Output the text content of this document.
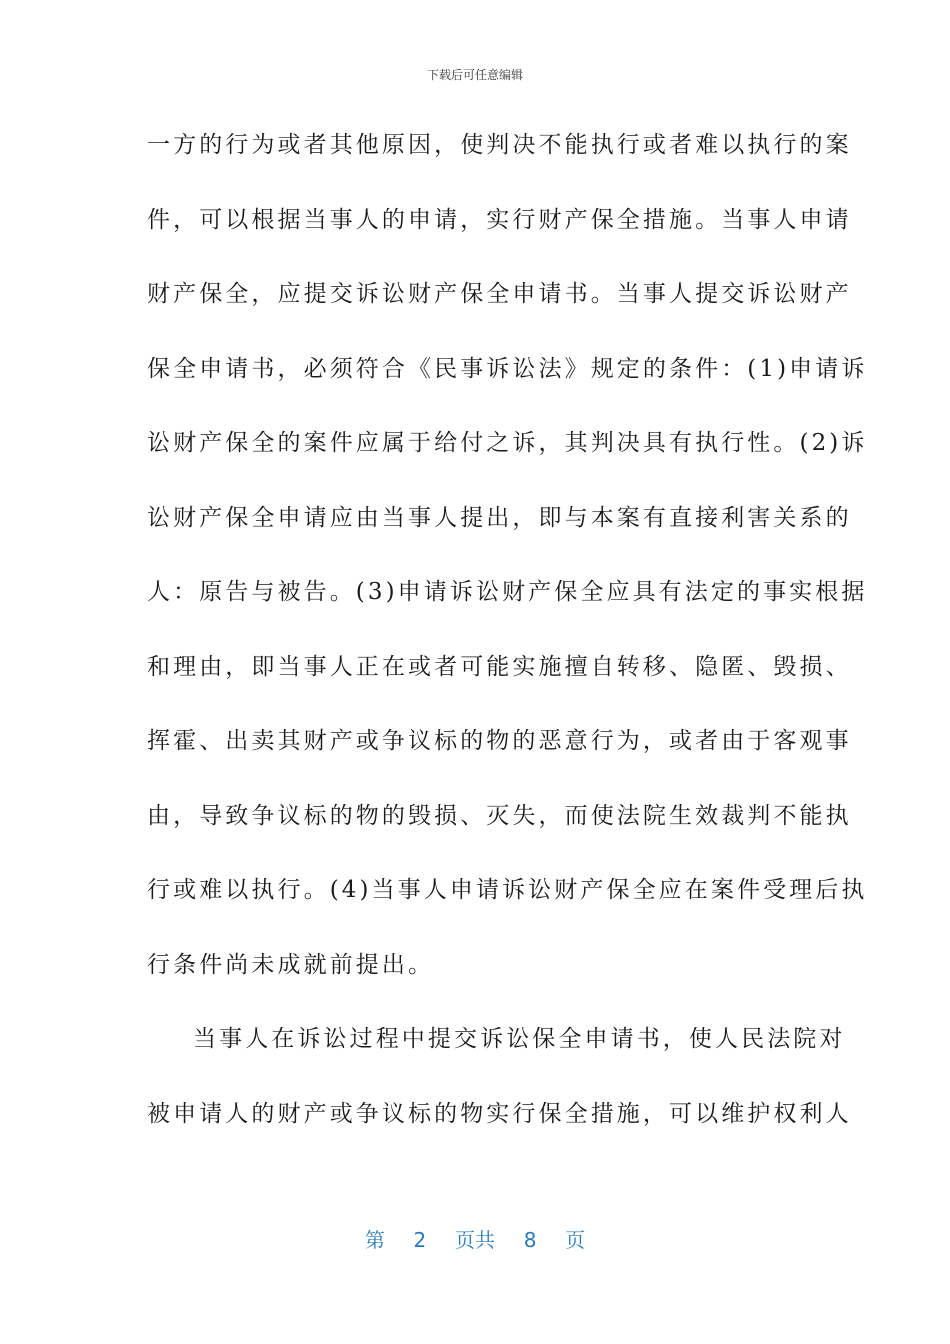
下载后可任意编辑
一方的行为或者其他原因，使判决不能执行或者难以执行的案
件，可以根据当事人的申请，实行财产保全措施。当事人申请
财产保全，应提交诉讼财产保全申请书。当事人提交诉讼财产
保全申请书，必须符合《民事诉讼法》规定的条件：(1)申请诉
讼财产保全的案件应属于给付之诉，其判决具有执行性。(2)诉
讼财产保全申请应由当事人提出，即与本案有直接利害关系的
人：原告与被告。(3)申请诉讼财产保全应具有法定的事实根据
和理由，即当事人正在或者可能实施擅自转移、隐匿、毁损、
挥霍、出卖其财产或争议标的物的恶意行为，或者由于客观事
由，导致争议标的物的毁损、灭失，而使法院生效裁判不能执
行或难以执行。(4)当事人申请诉讼财产保全应在案件受理后执
行条件尚未成就前提出。
当事人在诉讼过程中提交诉讼保全申请书，使人民法院对
被申请人的财产或争议标的物实行保全措施，可以维护权利人
第 2 页共 8 页
